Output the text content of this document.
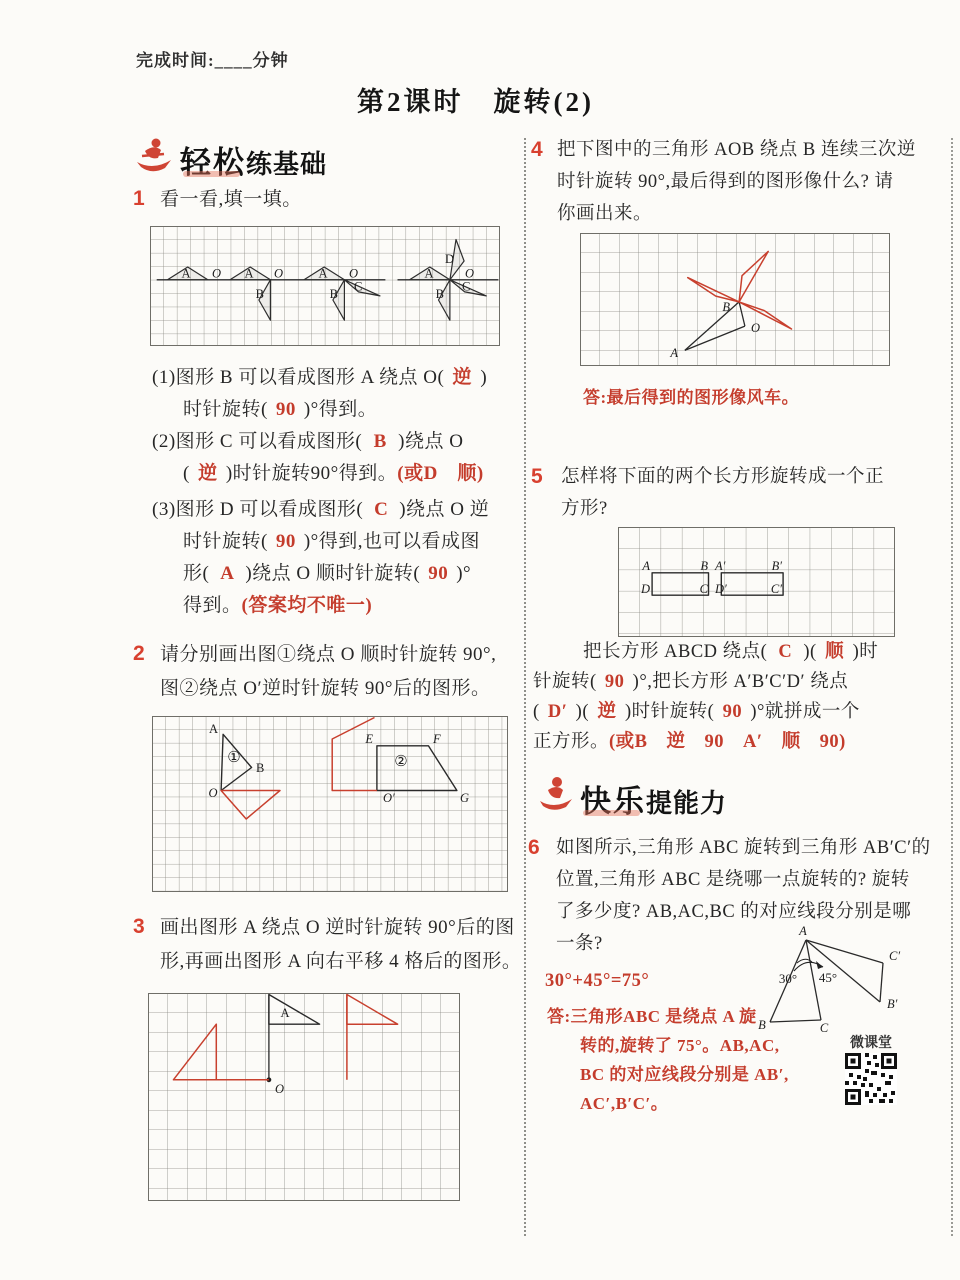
完成时间:____分钟
第2课时　旋转(2)
轻松练基础
1 看一看,填一填。
A O A O
B
A O
B
C
A
D
O
C
B
(1)图形 B 可以看成图形 A 绕点 O( 逆 )
时针旋转( 90 )°得到。
(2)图形 C 可以看成图形( B )绕点 O
( 逆 )时针旋转90°得到。(或D　顺)
(3)图形 D 可以看成图形( C )绕点 O 逆
时针旋转( 90 )°得到,也可以看成图
形( A )绕点 O 顺时针旋转( 90 )°
得到。(答案均不唯一)
2 请分别画出图①绕点 O 顺时针旋转 90°,
图②绕点 O′逆时针旋转 90°后的图形。
A
①
B
O
E	F
②
O′	G
3 画出图形 A 绕点 O 逆时针旋转 90°后的图
形,再画出图形 A 向右平移 4 格后的图形。
A
O
4 把下图中的三角形 AOB 绕点 B 连续三次逆
时针旋转 90°,最后得到的图形像什么? 请
你画出来。
B
O
A
答:最后得到的图形像风车。
5 怎样将下面的两个长方形旋转成一个正
方形?
A	B A′	B′
D	C D′	C′
把长方形 ABCD 绕点( C )( 顺 )时
针旋转( 90 )°,把长方形 A′B′C′D′ 绕点
( D′ )( 逆 )时针旋转( 90 )°就拼成一个
正方形。(或B　逆　90　A′　顺　90)
快乐提能力
6 如图所示,三角形 ABC 旋转到三角形 AB′C′的
位置,三角形 ABC 是绕哪一点旋转的? 旋转
了多少度? AB,AC,BC 的对应线段分别是哪
一条?
30°+45°=75°
答:三角形ABC 是绕点 A 旋
转的,旋转了 75°。AB,AC,
BC 的对应线段分别是 AB′,
AC′,B′C′。
A
B	C
C′
B′
30° 45°
微课堂
